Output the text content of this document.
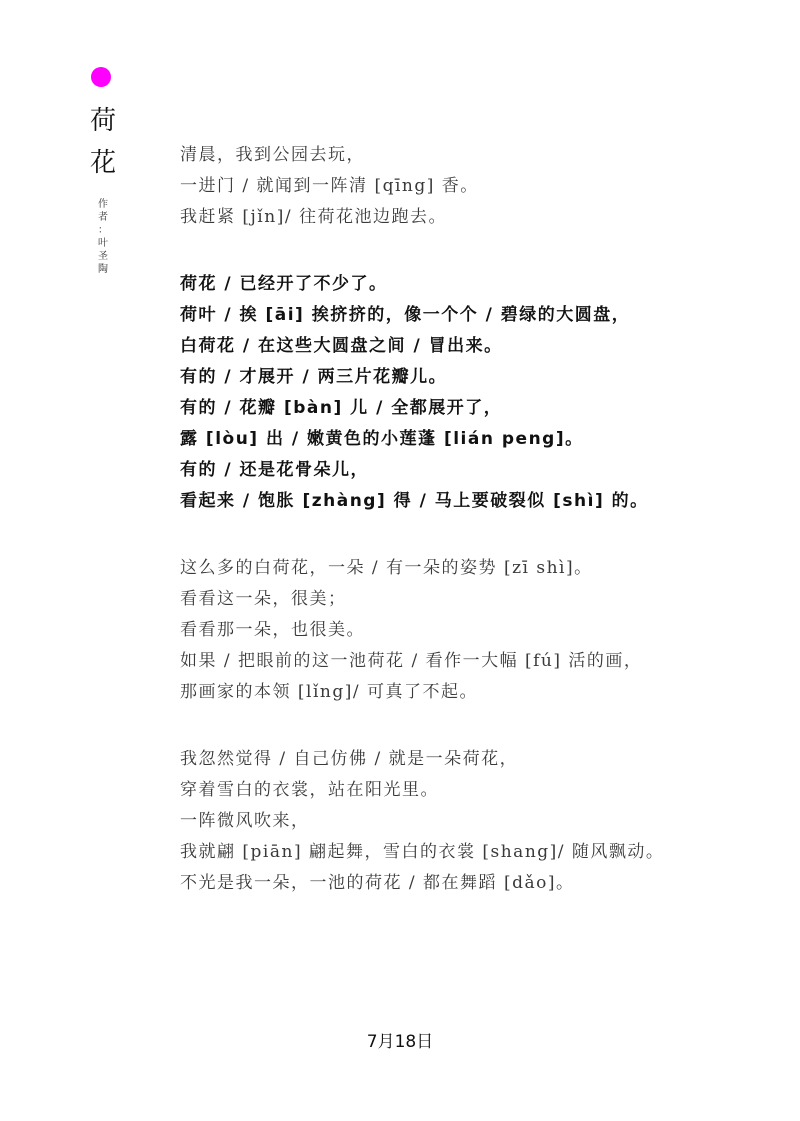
荷
花
作
者
：
叶
圣
陶
清晨，我到公园去玩，
一进门 / 就闻到一阵清 [qīng] 香。
我赶紧 [jǐn]/ 往荷花池边跑去。
荷花 / 已经开了不少了。
荷叶 / 挨 [āi] 挨挤挤的，像一个个 / 碧绿的大圆盘，
白荷花 / 在这些大圆盘之间 / 冒出来。
有的 / 才展开 / 两三片花瓣儿。
有的 / 花瓣 [bàn] 儿 / 全都展开了，
露 [lòu] 出 / 嫩黄色的小莲蓬 [lián peng]。
有的 / 还是花骨朵儿，
看起来 / 饱胀 [zhàng] 得 / 马上要破裂似 [shì] 的。
这么多的白荷花，一朵 / 有一朵的姿势 [zī shì]。
看看这一朵，很美；
看看那一朵，也很美。
如果 / 把眼前的这一池荷花 / 看作一大幅 [fú] 活的画，
那画家的本领 [lǐng]/ 可真了不起。
我忽然觉得 / 自己仿佛 / 就是一朵荷花，
穿着雪白的衣裳，站在阳光里。
一阵微风吹来，
我就翩 [piān] 翩起舞，雪白的衣裳 [shang]/ 随风飘动。
不光是我一朵，一池的荷花 / 都在舞蹈 [dǎo]。
7月18日
